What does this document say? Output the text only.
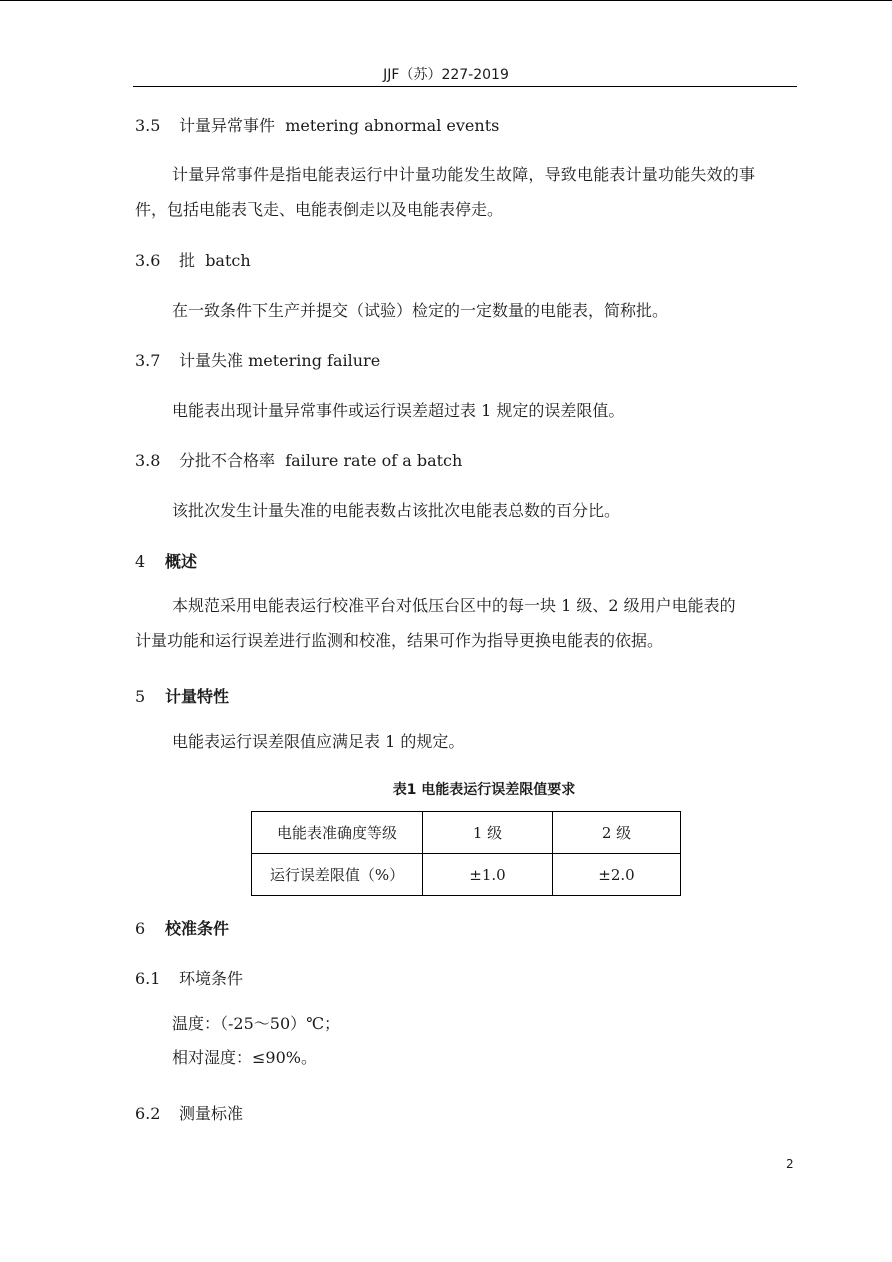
JJF（苏）227-2019
3.5 计量异常事件 metering abnormal events
计量异常事件是指电能表运行中计量功能发生故障，导致电能表计量功能失效的事
件，包括电能表飞走、电能表倒走以及电能表停走。
3.6 批 batch
在一致条件下生产并提交（试验）检定的一定数量的电能表，简称批。
3.7 计量失准 metering failure
电能表出现计量异常事件或运行误差超过表 1 规定的误差限值。
3.8 分批不合格率 failure rate of a batch
该批次发生计量失准的电能表数占该批次电能表总数的百分比。
4 概述
本规范采用电能表运行校准平台对低压台区中的每一块 1 级、2 级用户电能表的
计量功能和运行误差进行监测和校准，结果可作为指导更换电能表的依据。
5 计量特性
电能表运行误差限值应满足表 1 的规定。
表1 电能表运行误差限值要求
电能表准确度等级	1 级	2 级
运行误差限值（%）	±1.0	±2.0
6 校准条件
6.1 环境条件
温度：（-25～50）℃；
相对湿度：≤90%。
6.2 测量标准
2
